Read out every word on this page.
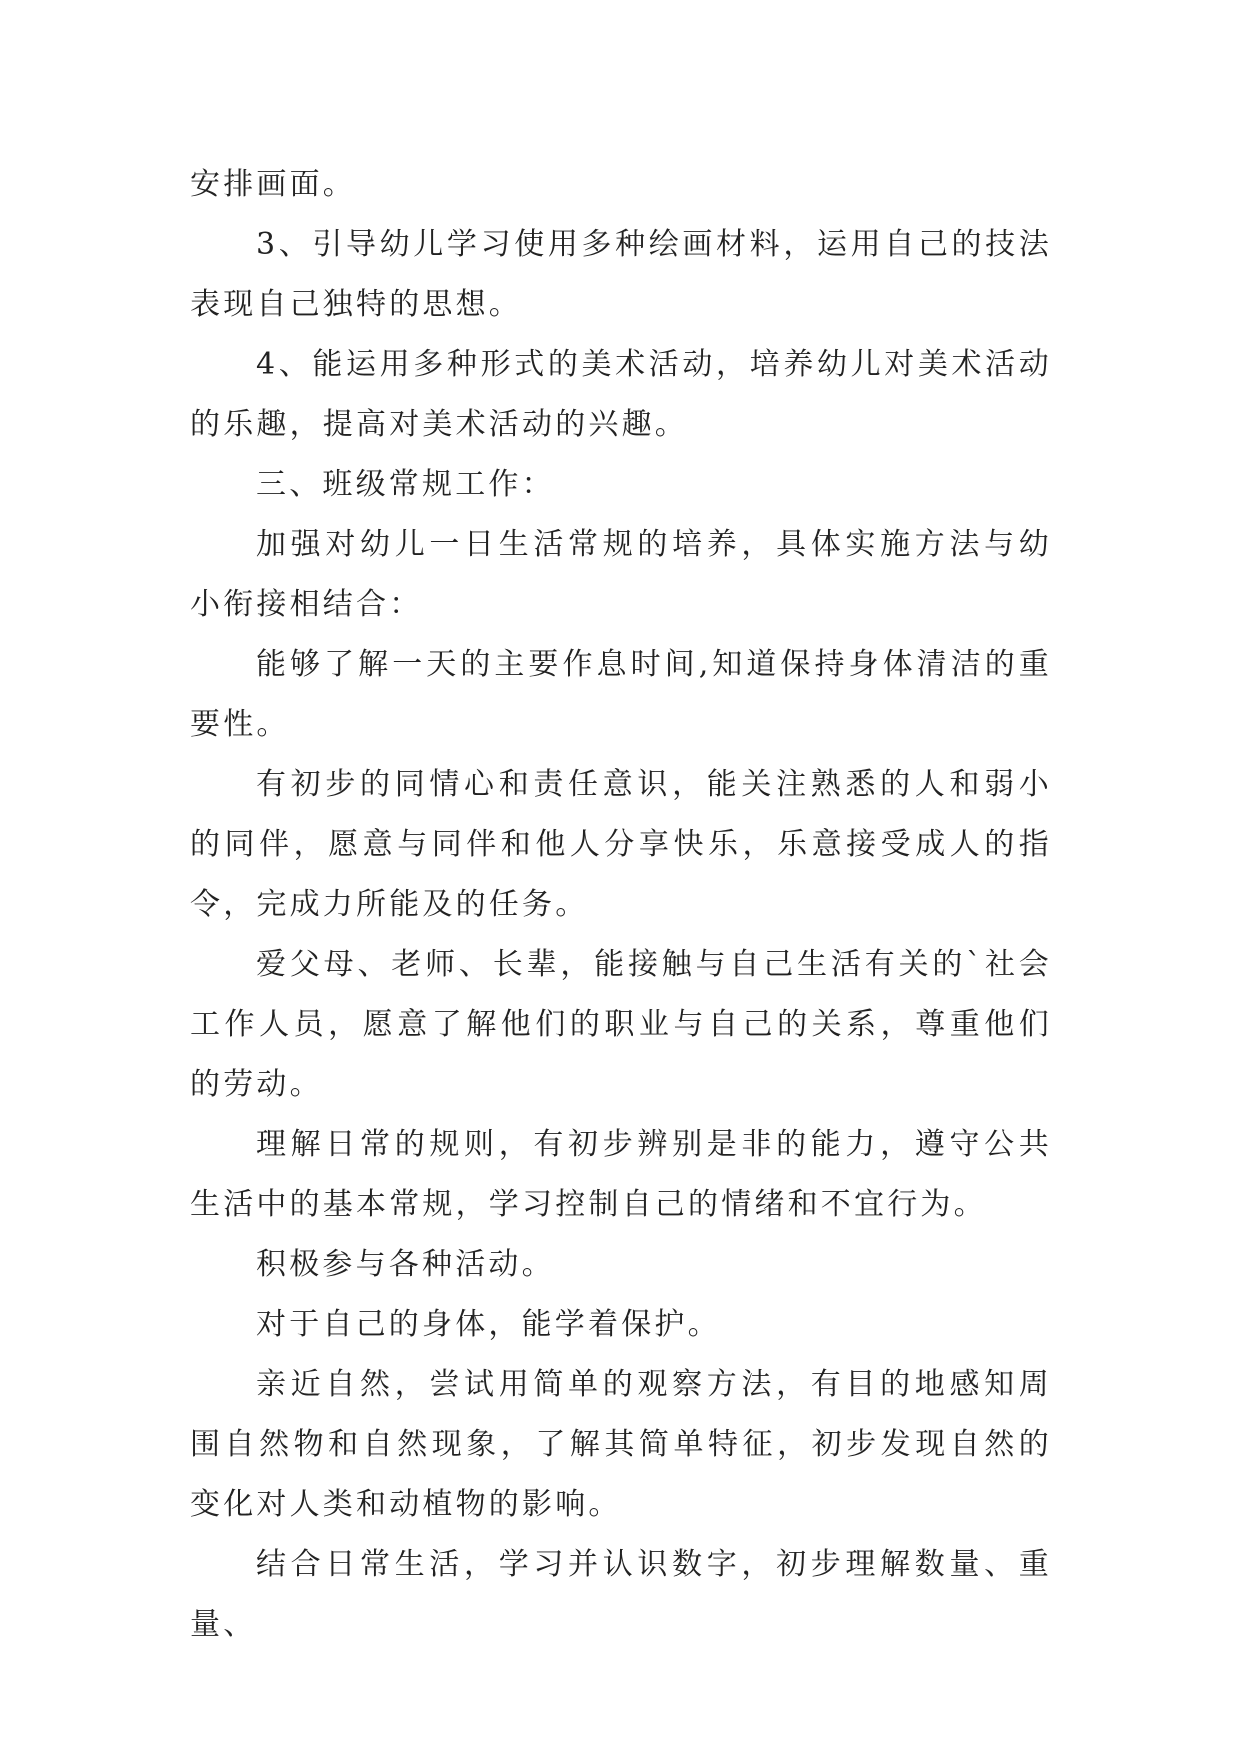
安排画面。

3、引导幼儿学习使用多种绘画材料，运用自己的技法表现自己独特的思想。

4、能运用多种形式的美术活动，培养幼儿对美术活动的乐趣，提高对美术活动的兴趣。

三、班级常规工作：

加强对幼儿一日生活常规的培养，具体实施方法与幼小衔接相结合：

能够了解一天的主要作息时间,知道保持身体清洁的重要性。

有初步的同情心和责任意识，能关注熟悉的人和弱小的同伴，愿意与同伴和他人分享快乐，乐意接受成人的指令，完成力所能及的任务。

爱父母、老师、长辈，能接触与自己生活有关的`社会工作人员，愿意了解他们的职业与自己的关系，尊重他们的劳动。

理解日常的规则，有初步辨别是非的能力，遵守公共生活中的基本常规，学习控制自己的情绪和不宜行为。

积极参与各种活动。

对于自己的身体，能学着保护。

亲近自然，尝试用简单的观察方法，有目的地感知周围自然物和自然现象，了解其简单特征，初步发现自然的变化对人类和动植物的影响。

结合日常生活，学习并认识数字，初步理解数量、重量、
